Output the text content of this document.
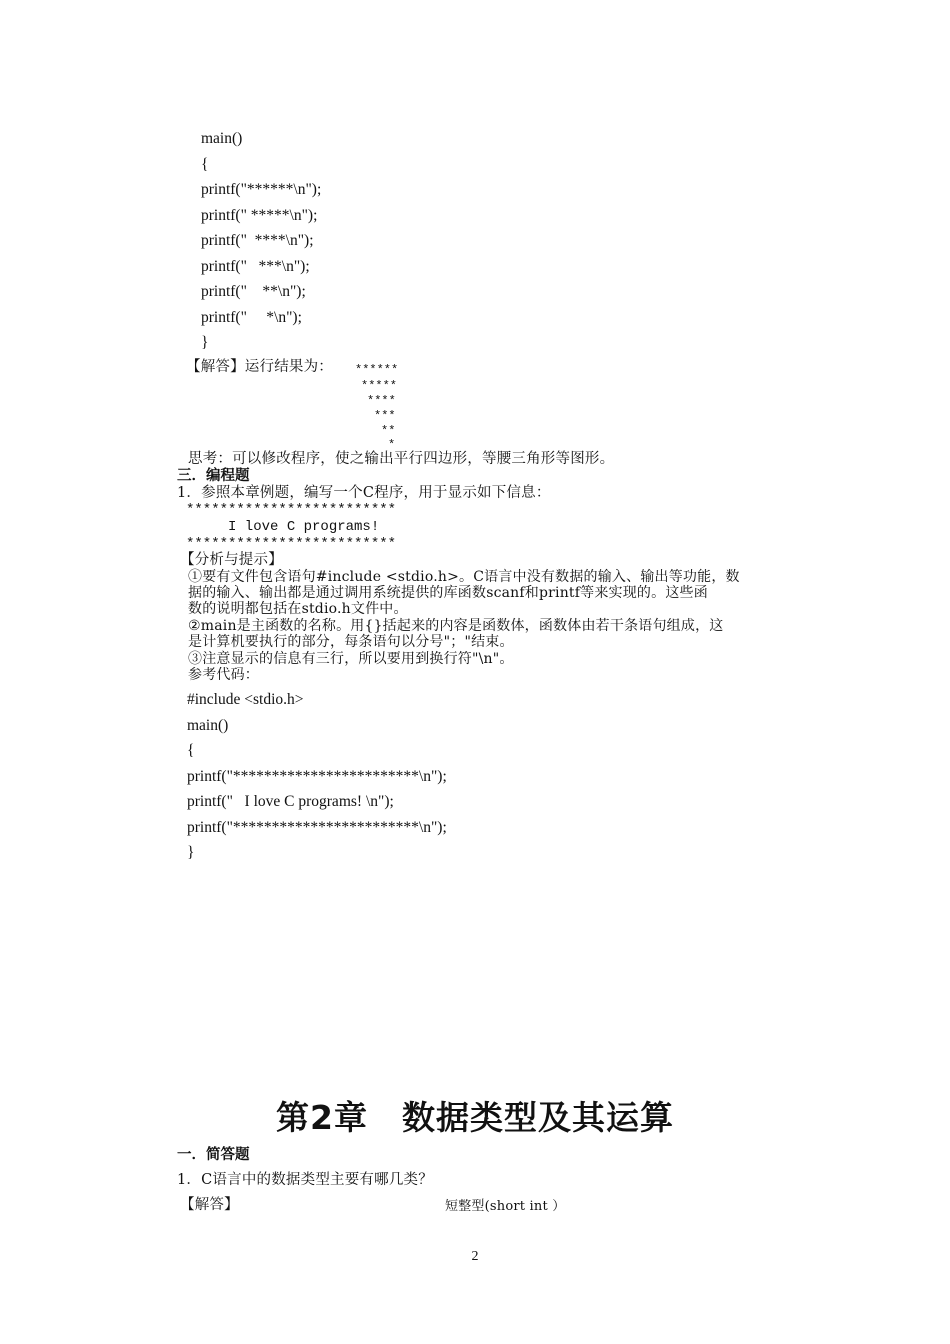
main()
{
printf("******\n");
printf(" *****\n");
printf("  ****\n");
printf("   ***\n");
printf("    **\n");
printf("     *\n");
}
【解答】运行结果为： ******
*****
****
***
**
*
思考：可以修改程序，使之输出平行四边形，等腰三角形等图形。
三．编程题
1．参照本章例题，编写一个C程序，用于显示如下信息：
*************************
I love C programs!
*************************
【分析与提示】
①要有文件包含语句#include <stdio.h>。C语言中没有数据的输入、输出等功能，数
据的输入、输出都是通过调用系统提供的库函数scanf和printf等来实现的。这些函
数的说明都包括在stdio.h文件中。
②main是主函数的名称。用{}括起来的内容是函数体，函数体由若干条语句组成，这
是计算机要执行的部分，每条语句以分号"；"结束。
③注意显示的信息有三行，所以要用到换行符"\n"。
参考代码：
#include <stdio.h>
main()
{
printf("************************\n");
printf("   I love C programs! \n");
printf("************************\n");
}
第2章　数据类型及其运算
一．简答题
1．C语言中的数据类型主要有哪几类？
【解答】	短整型(short int ）
2
